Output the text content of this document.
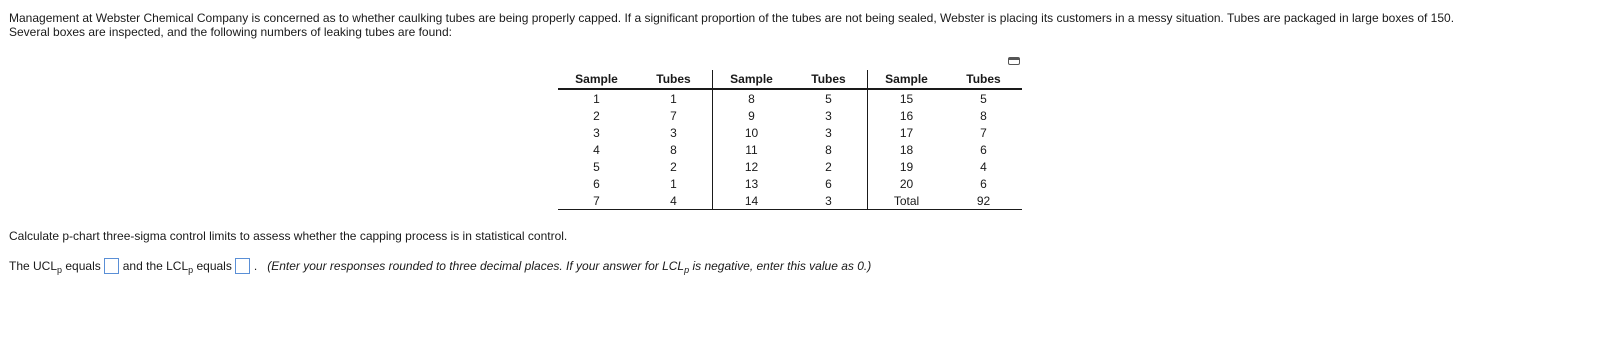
Management at Webster Chemical Company is concerned as to whether caulking tubes are being properly capped. If a significant proportion of the tubes are not being sealed, Webster is placing its customers in a messy situation. Tubes are packaged in large boxes of 150.

Several boxes are inspected, and the following numbers of leaking tubes are found:

Sample	Tubes	Sample	Tubes	Sample	Tubes
1	1	8	5	15	5
2	7	9	3	16	8
3	3	10	3	17	7
4	8	11	8	18	6
5	2	12	2	19	4
6	1	13	6	20	6
7	4	14	3	Total	92
Calculate p-chart three-sigma control limits to assess whether the capping process is in statistical control.
The $UCL_p$ equals and the $LCL_p$ equals . (Enter your responses rounded to three decimal places. If your answer for $LCL_p$ is negative, enter this value as 0.)
